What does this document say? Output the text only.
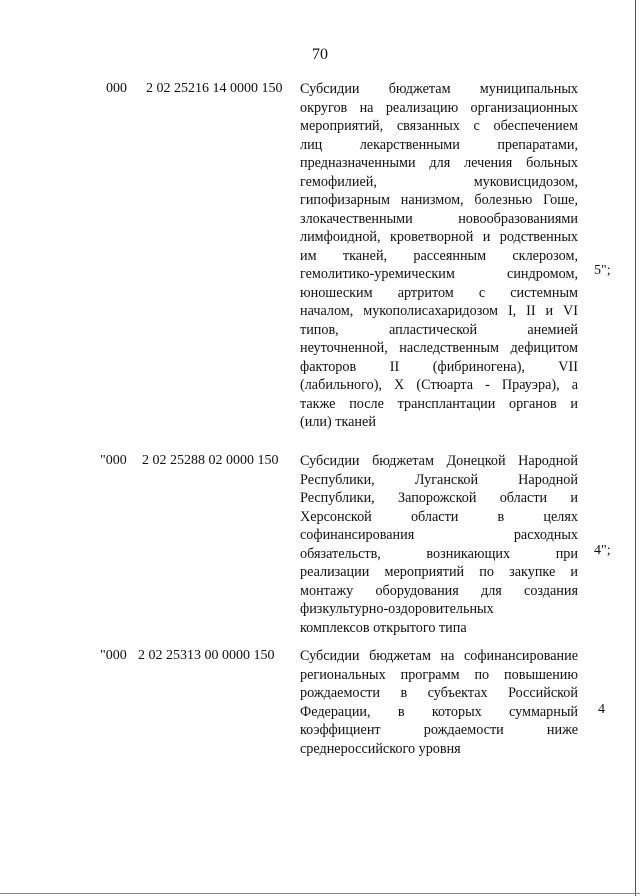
70
000 2 02 25216 14 0000 150 Субсидии бюджетам муниципальных
округов на реализацию организационных
мероприятий, связанных с обеспечением
лиц лекарственными препаратами,
предназначенными для лечения больных
гемофилией, муковисцидозом,
гипофизарным нанизмом, болезнью Гоше,
злокачественными новообразованиями
лимфоидной, кроветворной и родственных
им тканей, рассеянным склерозом,
гемолитико-уремическим синдромом,
юношеским артритом с системным
началом, мукополисахаридозом I, II и VI
типов, апластической анемией
неуточненной, наследственным дефицитом
факторов II (фибриногена), VII
(лабильного), X (Стюарта - Прауэра), а
также после трансплантации органов и
(или) тканей
5";
"000 2 02 25288 02 0000 150 Субсидии бюджетам Донецкой Народной
Республики, Луганской Народной
Республики, Запорожской области и
Херсонской области в целях
софинансирования расходных
обязательств, возникающих при
реализации мероприятий по закупке и
монтажу оборудования для создания
физкультурно-оздоровительных
комплексов открытого типа
4";
"000 2 02 25313 00 0000 150 Субсидии бюджетам на софинансирование
региональных программ по повышению
рождаемости в субъектах Российской
Федерации, в которых суммарный
коэффициент рождаемости ниже
среднероссийского уровня
4
